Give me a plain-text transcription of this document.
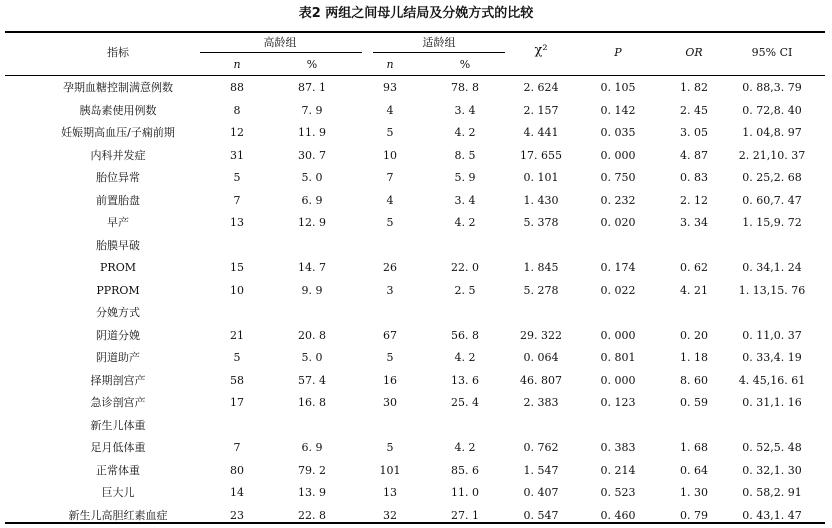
表2 两组之间母儿结局及分娩方式的比较
指标
高龄组	适龄组
n	%	n	%
χ²	P	OR	95% CI
孕期血糖控制满意例数	88	87. 1	93	78. 8	2. 624	0. 105	1. 82	0. 88,3. 79
胰岛素使用例数	8	7. 9	4	3. 4	2. 157	0. 142	2. 45	0. 72,8. 40
妊娠期高血压/子痫前期	12	11. 9	5	4. 2	4. 441	0. 035	3. 05	1. 04,8. 97
内科并发症	31	30. 7	10	8. 5	17. 655	0. 000	4. 87	2. 21,10. 37
胎位异常	5	5. 0	7	5. 9	0. 101	0. 750	0. 83	0. 25,2. 68
前置胎盘	7	6. 9	4	3. 4	1. 430	0. 232	2. 12	0. 60,7. 47
早产	13	12. 9	5	4. 2	5. 378	0. 020	3. 34	1. 15,9. 72
胎膜早破
PROM	15	14. 7	26	22. 0	1. 845	0. 174	0. 62	0. 34,1. 24
PPROM	10	9. 9	3	2. 5	5. 278	0. 022	4. 21	1. 13,15. 76
分娩方式
阴道分娩	21	20. 8	67	56. 8	29. 322	0. 000	0. 20	0. 11,0. 37
阴道助产	5	5. 0	5	4. 2	0. 064	0. 801	1. 18	0. 33,4. 19
择期剖宫产	58	57. 4	16	13. 6	46. 807	0. 000	8. 60	4. 45,16. 61
急诊剖宫产	17	16. 8	30	25. 4	2. 383	0. 123	0. 59	0. 31,1. 16
新生儿体重
足月低体重	7	6. 9	5	4. 2	0. 762	0. 383	1. 68	0. 52,5. 48
正常体重	80	79. 2	101	85. 6	1. 547	0. 214	0. 64	0. 32,1. 30
巨大儿	14	13. 9	13	11. 0	0. 407	0. 523	1. 30	0. 58,2. 91
新生儿高胆红素血症	23	22. 8	32	27. 1	0. 547	0. 460	0. 79	0. 43,1. 47
